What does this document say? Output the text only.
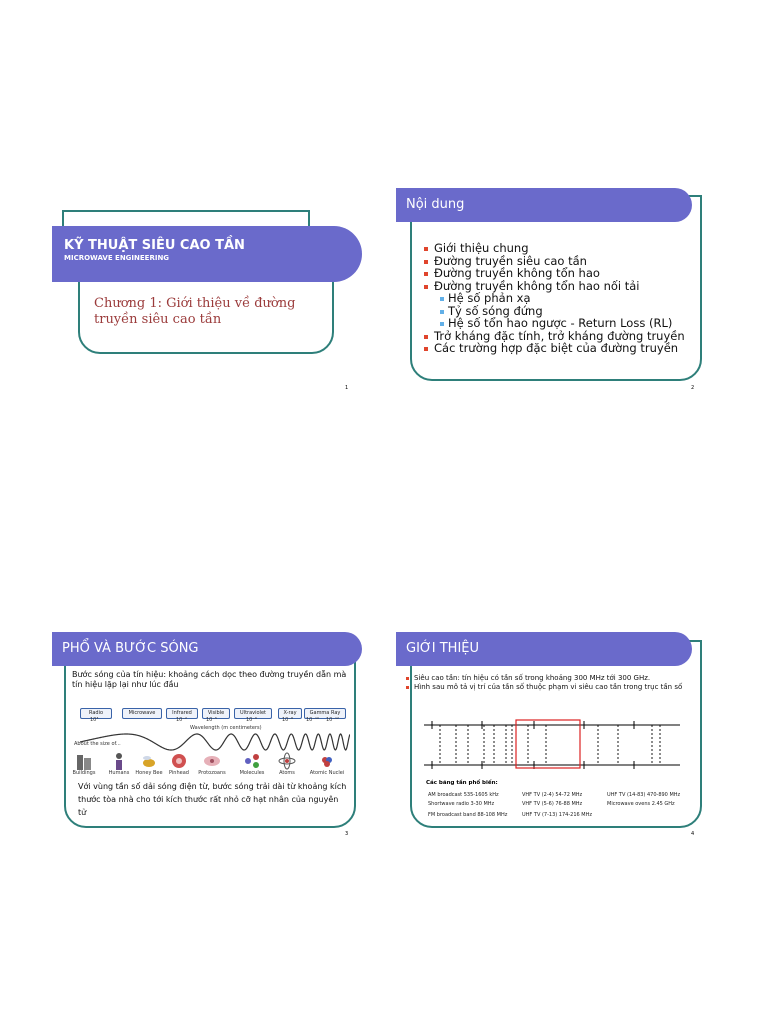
KỸ THUẬT SIÊU CAO TẦN
MICROWAVE ENGINEERING
Chương 1: Giới thiệu về đường truyền siêu cao tần
1
Nội dung
Giới thiệu chung
Đường truyền siêu cao tần
Đường truyền không tổn hao
Đường truyền không tổn hao nối tải
Hệ số phản xạ
Tỷ số sóng đứng
Hệ số tổn hao ngược - Return Loss (RL)
Trở kháng đặc tính, trở kháng đường truyền
Các trường hợp đặc biệt của đường truyền
2
PHỔ VÀ BƯỚC SÓNG
Bước sóng của tín hiệu: khoảng cách dọc theo đường truyền dẫn mà tín hiệu lặp lại như lúc đầu
Radio	Microwave	Infrared	Visible	Ultraviolet	X-ray	Gamma Ray
10³	10⁻²	10⁻⁵	10⁻⁶	10⁻⁸	10⁻¹⁰ 10⁻¹²
Wavelength (m centimeters)
About the size of...
Buildings	Humans	Honey Bee	Pinhead	Protozoans	Molecules	Atoms	Atomic Nuclei
Với vùng tần số dải sóng điện từ, bước sóng trải dài từ khoảng kích thước tòa nhà cho tới kích thước rất nhỏ cỡ hạt nhân của nguyên tử
3
GIỚI THIỆU
Siêu cao tần: tín hiệu có tần số trong khoảng 300 MHz tới 300 GHz.
Hình sau mô tả vị trí của tần số thuộc phạm vi siêu cao tần trong trục tần số
Các băng tần phổ biến:
AM broadcast 535-1605 kHz	VHF TV (2-4) 54-72 MHz	UHF TV (14-83) 470-890 MHz
Shortwave radio 3-30 MHz	VHF TV (5-6) 76-88 MHz	Microwave ovens 2.45 GHz
FM broadcast band 88-108 MHz	UHF TV (7-13) 174-216 MHz
4
